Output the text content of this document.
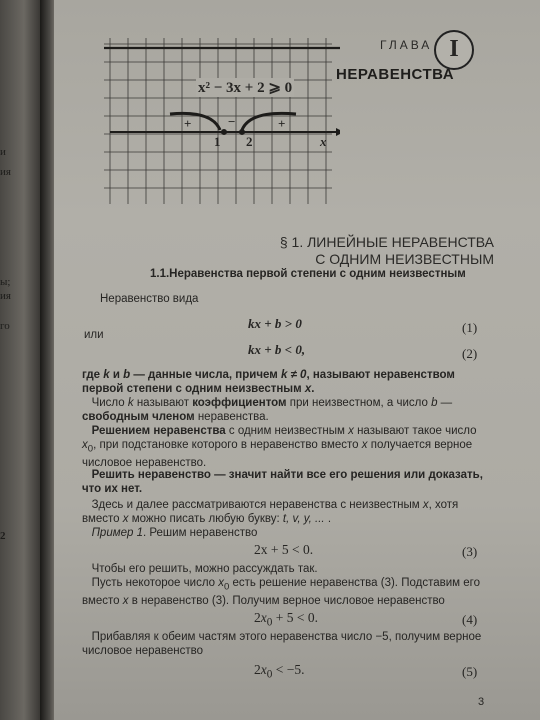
и
ия
ы;
ия
го
2
x² − 3x + 2 ⩾ 0
+	−	+
1 2	x
ГЛАВА I
НЕРАВЕНСТВА
§ 1. ЛИНЕЙНЫЕ НЕРАВЕНСТВА
С ОДНИМ НЕИЗВЕСТНЫМ
1.1.Неравенства первой степени с одним неизвестным
Неравенство вида
kx + b > 0	(1)
или
kx + b < 0,	(2)
где k и b — данные числа, причем k ≠ 0, называют неравенством первой степени с одним неизвестным x.
Число k называют коэффициентом при неизвестном, а число b — свободным членом неравенства.
Решением неравенства с одним неизвестным x называют такое число $x_0$, при подстановке которого в неравенство вместо x получается верное числовое неравенство.
Решить неравенство — значит найти все его решения или доказать, что их нет.
Здесь и далее рассматриваются неравенства с неизвестным x, хотя вместо x можно писать любую букву: t, v, y, ... .
Пример 1. Решим неравенство
2x + 5 < 0.	(3)
Чтобы его решить, можно рассуждать так.
Пусть некоторое число $x_0$ есть решение неравенства (3). Подставим его вместо x в неравенство (3). Получим верное числовое неравенство
$2x_0 + 5 < 0$.	(4)
Прибавляя к обеим частям этого неравенства число −5, получим верное числовое неравенство
$2x_0 < -5$.	(5)
3
